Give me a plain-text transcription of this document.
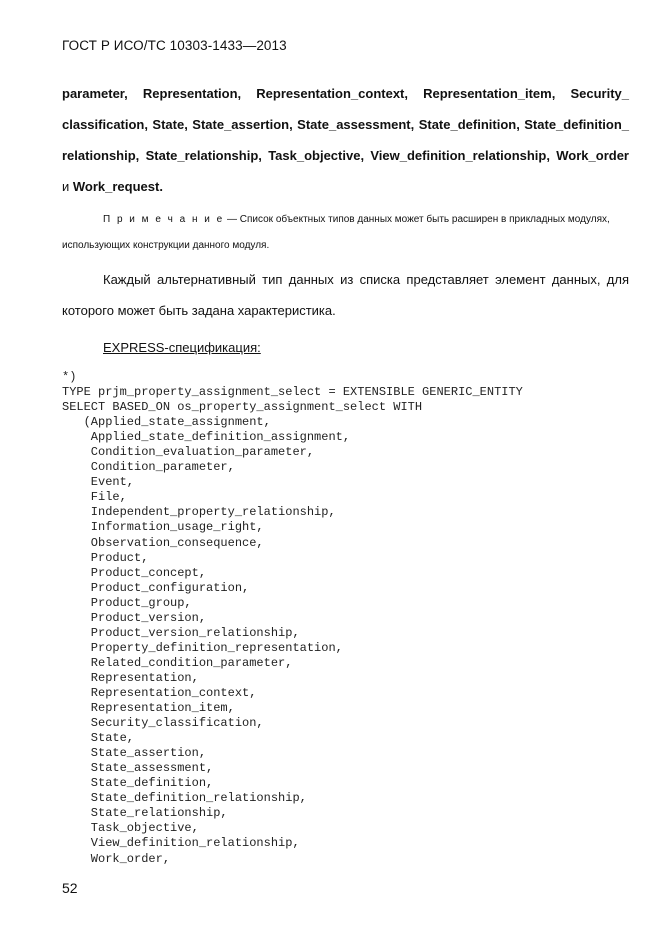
ГОСТ Р ИСО/ТС 10303-1433—2013
parameter, Representation, Representation_context, Representation_item, Security_
classification, State, State_assertion, State_assessment, State_definition, State_definition_
relationship, State_relationship, Task_objective, View_definition_relationship, Work_order
и Work_request.
П р и м е ч а н и е — Список объектных типов данных может быть расширен в прикладных модулях,
использующих конструкции данного модуля.
Каждый альтернативный тип данных из списка представляет элемент данных, для
которого может быть задана характеристика.
EXPRESS-спецификация:
*)
TYPE prjm_property_assignment_select = EXTENSIBLE GENERIC_ENTITY
SELECT BASED_ON os_property_assignment_select WITH
(Applied_state_assignment,
Applied_state_definition_assignment,
Condition_evaluation_parameter,
Condition_parameter,
Event,
File,
Independent_property_relationship,
Information_usage_right,
Observation_consequence,
Product,
Product_concept,
Product_configuration,
Product_group,
Product_version,
Product_version_relationship,
Property_definition_representation,
Related_condition_parameter,
Representation,
Representation_context,
Representation_item,
Security_classification,
State,
State_assertion,
State_assessment,
State_definition,
State_definition_relationship,
State_relationship,
Task_objective,
View_definition_relationship,
Work_order,
52
